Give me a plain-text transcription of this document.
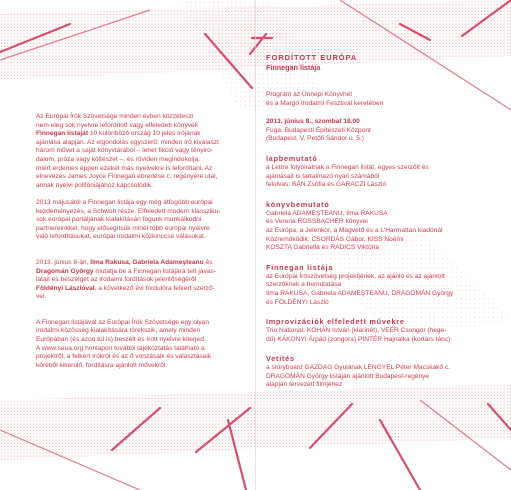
Az Európai Írók Szövetsége minden évben közzéteszi
nem elég sok nyelvre lefordított vagy elfeledett könyvek
Finnegan listáját 10 különböző ország 10 jeles írójának
ajánlása alapján. Az elgondolás egyszerű: minden író kiválaszt
három művet a saját könyvtárából – lehet fikció vagy tényiro-
dalom, próza vagy költészet –, és röviden megindokolja,
miért érdemes éppen ezeket más nyelvekre is lefordítani. Az
elnevezés James Joyce Finnegan ébredése c. regényére utal,
annak nyelvi polifóniájához kapcsolódik.

2013 májusától a Finnegan listája egy még átfogóbb európai
kezdeményezés, a Schwob része. Elfeledett modern klassziku-
sok európai portáljának kialakításán fogunk munkálkodni
partnereinkkel, hogy elősegítsük minél több európai nyelvre
való lefordításukat, európai irodalmi közkinccsé válásukat.

2013. június 8-án, Ilma Rakusa, Gabriela Adameşteanu és
Dragomán György mutatja be a Finnegan listájára tett javas-
latait és beszélget az irodalmi fordítások jelentőségéről
Földényi Lászlóval, a következő évi fordulóra felkért szerző-
vel.

A Finnegan listájával az Európai Írók Szövetsége egy olyan
irodalmi közösség kialakítására törekszik, amely minden
Európában (és azon túl is) beszélt és írott nyelvre kiterjed.
A www.seua.org honlapon további tájékoztatás található a
projektről, a felkért írókról és az ő vonzásaik és választásaik
köréből kikerülő, fordításra ajánlott művekről.

FORDÍTOTT EURÓPA
Finnegan listája
Program az Ünnepi Könyvhét
és a Margó Irodalmi Fesztivál keretében
2013. június 8., szombat 18.00
Fuga, Budapesti Építészeti Központ
(Budapest, V. Petőfi Sándor u. 5.)
lapbemutató
a Lettre folyóiratnak a Finnegan listát, egyes szerzőit és
ajánlásait is tartalmazó nyári számából
felolvas: BÁN Zsófia és GARACZI László
könyvbemutató
Gabriela ADAMEŞTEANU, Ilma RAKUSA
és Verena ROSSBACHER könyvei
az Európa, a Jelenkor, a Magvető és a L'Harmattan kiadónál
Közreműködik: CSORDÁS Gábor, KISS Noémi
KOSZTA Gabriella és RADICS Viktória
Finnegan listája
az Európai Írószövetség projektjének, az ajánló és az ajánlott
szerzőknek a bemutatása
Ilma RAKUSA, Gabriela ADAMEŞTEANU, DRAGOMÁN György
és FÖLDÉNYI László
Improvizációk elfeledett művekre
Trio National: KOHÁN István (klarinét), VEÉR Csongor (hege-
dű) KÁKONYI Árpád (zongora) PINTÉR Hajnalka (kortárs tánc)
Vetítés
a storyboard GAZDAG Gyulának LENGYEL Péter Macskakő c.
DRAGOMÁN György listáján ajánlott Budapest-regénye
alapján tervezett filmjéhez
